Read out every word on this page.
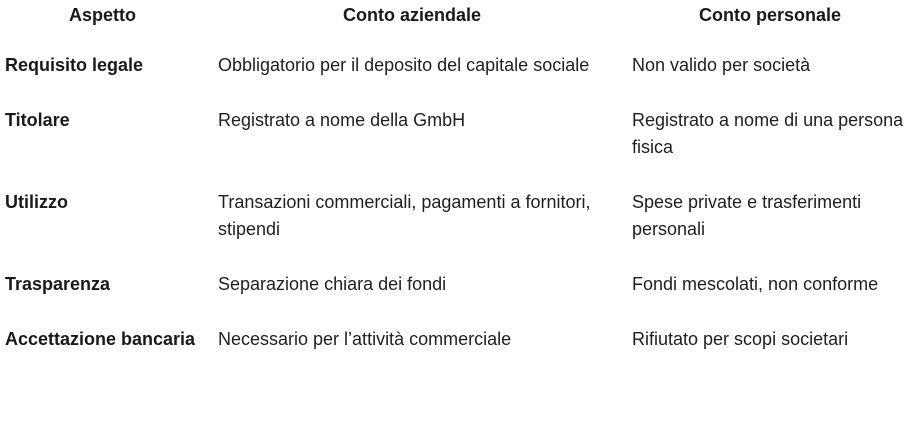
Aspetto	Conto aziendale	Conto personale
Requisito legale	Obbligatorio per il deposito del capitale sociale	Non valido per società
Titolare	Registrato a nome della GmbH	Registrato a nome di una persona fisica
Utilizzo	Transazioni commerciali, pagamenti a fornitori, stipendi	Spese private e trasferimenti personali
Trasparenza	Separazione chiara dei fondi	Fondi mescolati, non conforme
Accettazione bancaria	Necessario per l’attività commerciale	Rifiutato per scopi societari
